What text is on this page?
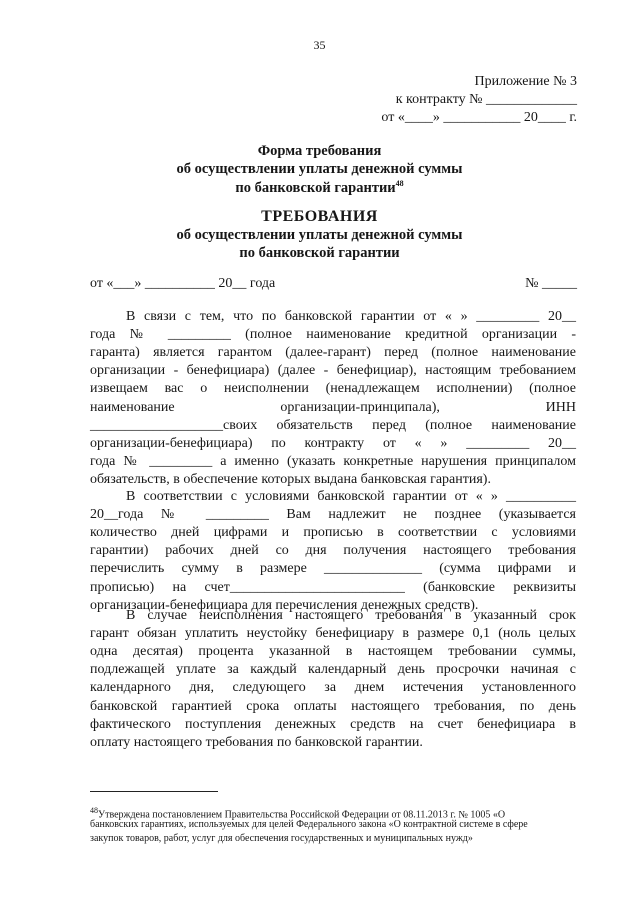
35
Приложение № 3
к контракту № _____________
от «____» ___________ 20____ г.
Форма требования
об осуществлении уплаты денежной суммы
по банковской гарантии$^{48}$
ТРЕБОВАНИЯ
об осуществлении уплаты денежной суммы
по банковской гарантии
от «___» __________ 20__ года	№ _____
В связи с тем, что по банковской гарантии от « » _________ 20__
года № _________ (полное наименование кредитной организации -
гаранта) является гарантом (далее-гарант) перед (полное наименование
организации - бенефициара) (далее - бенефициар), настоящим требованием
извещаем вас о неисполнении (ненадлежащем исполнении) (полное
наименование организации-принципала), ИНН
___________________своих обязательств перед (полное наименование
организации-бенефициара) по контракту от « » _________ 20__
года № _________ а именно (указать конкретные нарушения принципалом
обязательств, в обеспечение которых выдана банковская гарантия).
В соответствии с условиями банковской гарантии от « » __________
20__года № _________ Вам надлежит не позднее (указывается
количество дней цифрами и прописью в соответствии с условиями
гарантии) рабочих дней со дня получения настоящего требования
перечислить сумму в размере ______________ (сумма цифрами и
прописью) на счет_________________________ (банковские реквизиты
организации-бенефициара для перечисления денежных средств).
В случае неисполнения настоящего требования в указанный срок
гарант обязан уплатить неустойку бенефициару в размере 0,1 (ноль целых
одна десятая) процента указанной в настоящем требовании суммы,
подлежащей уплате за каждый календарный день просрочки начиная с
календарного дня, следующего за днем истечения установленного
банковской гарантией срока оплаты настоящего требования, по день
фактического поступления денежных средств на счет бенефициара в
оплату настоящего требования по банковской гарантии.
$^{48}$Утверждена постановлением Правительства Российской Федерации от 08.11.2013 г. № 1005 «О
банковских гарантиях, используемых для целей Федерального закона «О контрактной системе в сфере
закупок товаров, работ, услуг для обеспечения государственных и муниципальных нужд»
